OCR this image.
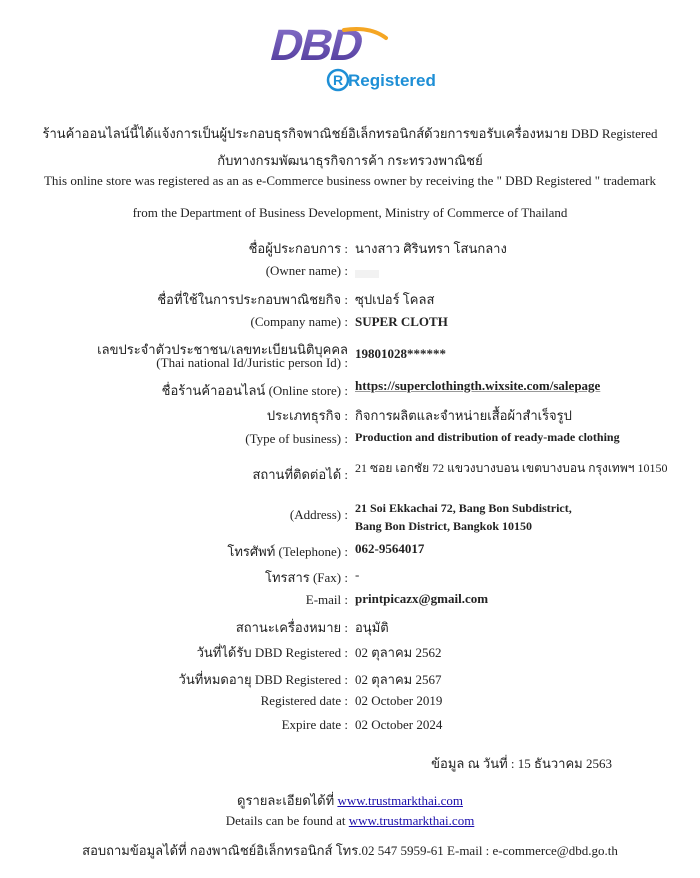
DBD
R Registered
ร้านค้าออนไลน์นี้ได้แจ้งการเป็นผู้ประกอบธุรกิจพาณิชย์อิเล็กทรอนิกส์ด้วยการขอรับเครื่องหมาย DBD Registered
กับทางกรมพัฒนาธุรกิจการค้า กระทรวงพาณิชย์
This online store was registered as an as e-Commerce business owner by receiving the " DBD Registered " trademark
from the Department of Business Development, Ministry of Commerce of Thailand
ชื่อผู้ประกอบการ : นางสาว ศิรินทรา โสนกลาง
(Owner name) :
ชื่อที่ใช้ในการประกอบพาณิชยกิจ : ซุปเปอร์ โคลส
(Company name) : SUPER CLOTH
เลขประจำตัวประชาชน/เลขทะเบียนนิติบุคคล
(Thai national Id/Juristic person Id) :
19801028******
ชื่อร้านค้าออนไลน์ (Online store) : https://superclothingth.wixsite.com/salepage
ประเภทธุรกิจ : กิจการผลิตและจำหน่ายเสื้อผ้าสำเร็จรูป
(Type of business) : Production and distribution of ready-made clothing
สถานที่ติดต่อได้ : 21 ซอย เอกชัย 72 แขวงบางบอน เขตบางบอน กรุงเทพฯ 10150
(Address) : 21 Soi Ekkachai 72, Bang Bon Subdistrict,
Bang Bon District, Bangkok 10150
โทรศัพท์ (Telephone) : 062-9564017
โทรสาร (Fax) : -
E-mail : printpicazx@gmail.com
สถานะเครื่องหมาย : อนุมัติ
วันที่ได้รับ DBD Registered : 02 ตุลาคม 2562
วันที่หมดอายุ DBD Registered : 02 ตุลาคม 2567
Registered date : 02 October 2019
Expire date : 02 October 2024
ข้อมูล ณ วันที่ : 15 ธันวาคม 2563
ดูรายละเอียดได้ที่ www.trustmarkthai.com
Details can be found at www.trustmarkthai.com
สอบถามข้อมูลได้ที่ กองพาณิชย์อิเล็กทรอนิกส์ โทร.02 547 5959-61 E-mail : e-commerce@dbd.go.th
